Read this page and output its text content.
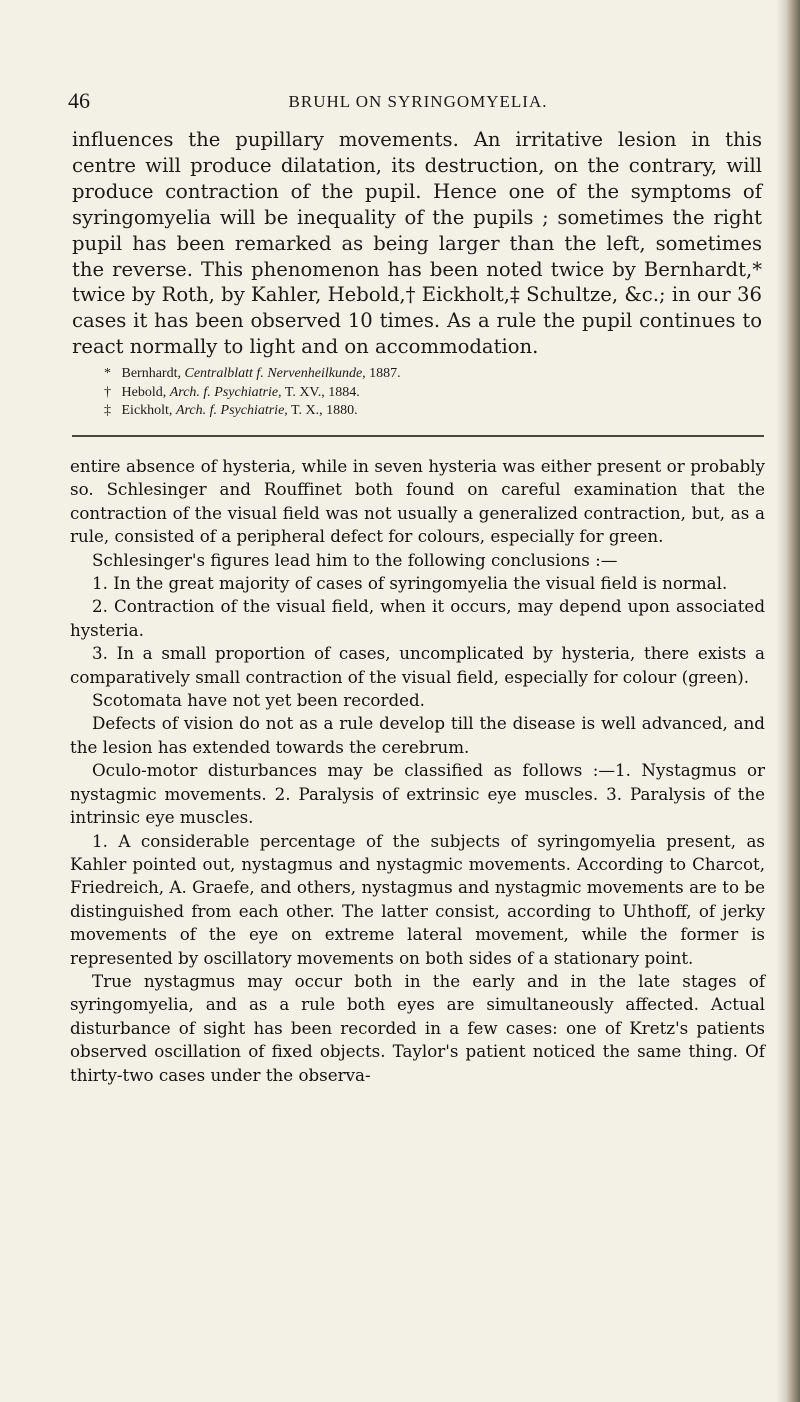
46	BRUHL ON SYRINGOMYELIA.

influences the pupillary movements. An irritative lesion in this centre will produce dilatation, its destruction, on the contrary, will produce contraction of the pupil. Hence one of the symptoms of syringomyelia will be inequality of the pupils ; sometimes the right pupil has been remarked as being larger than the left, sometimes the reverse. This phenomenon has been noted twice by Bernhardt,* twice by Roth, by Kahler, Hebold,† Eickholt,‡ Schultze, &c.; in our 36 cases it has been observed 10 times. As a rule the pupil continues to react normally to light and on accommodation.

* Bernhardt, Centralblatt f. Nervenheilkunde, 1887.

† Hebold, Arch. f. Psychiatrie, T. XV., 1884.

‡ Eickholt, Arch. f. Psychiatrie, T. X., 1880.

entire absence of hysteria, while in seven hysteria was either present or probably so. Schlesinger and Rouffinet both found on careful examination that the contraction of the visual field was not usually a generalized contraction, but, as a rule, consisted of a peripheral defect for colours, especially for green.

Schlesinger's figures lead him to the following conclusions :—

1. In the great majority of cases of syringomyelia the visual field is normal.

2. Contraction of the visual field, when it occurs, may depend upon associated hysteria.

3. In a small proportion of cases, uncomplicated by hysteria, there exists a comparatively small contraction of the visual field, especially for colour (green).

Scotomata have not yet been recorded.

Defects of vision do not as a rule develop till the disease is well advanced, and the lesion has extended towards the cerebrum.

Oculo-motor disturbances may be classified as follows :—1. Nystagmus or nystagmic movements. 2. Paralysis of extrinsic eye muscles. 3. Paralysis of the intrinsic eye muscles.

1. A considerable percentage of the subjects of syringomyelia present, as Kahler pointed out, nystagmus and nystagmic movements. According to Charcot, Friedreich, A. Graefe, and others, nystagmus and nystagmic movements are to be distinguished from each other. The latter consist, according to Uhthoff, of jerky movements of the eye on extreme lateral movement, while the former is represented by oscillatory movements on both sides of a stationary point.

True nystagmus may occur both in the early and in the late stages of syringomyelia, and as a rule both eyes are simultaneously affected. Actual disturbance of sight has been recorded in a few cases: one of Kretz's patients observed oscillation of fixed objects. Taylor's patient noticed the same thing. Of thirty-two cases under the observa-
